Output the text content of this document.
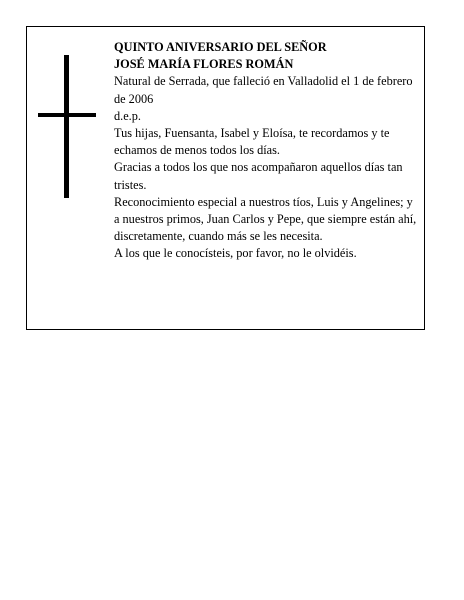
QUINTO ANIVERSARIO DEL SEÑOR

JOSÉ MARÍA FLORES ROMÁN

Natural de Serrada, que falleció en Valladolid el 1 de febrero de 2006

d.e.p.

Tus hijas, Fuensanta, Isabel y Eloísa, te recordamos y te echamos de menos todos los días.

Gracias a todos los que nos acompañaron aquellos días tan tristes.

Reconocimiento especial a nuestros tíos, Luis y Angelines; y a nuestros primos, Juan Carlos y Pepe, que siempre están ahí, discretamente, cuando más se les necesita.

A los que le conocísteis, por favor, no le olvidéis.
